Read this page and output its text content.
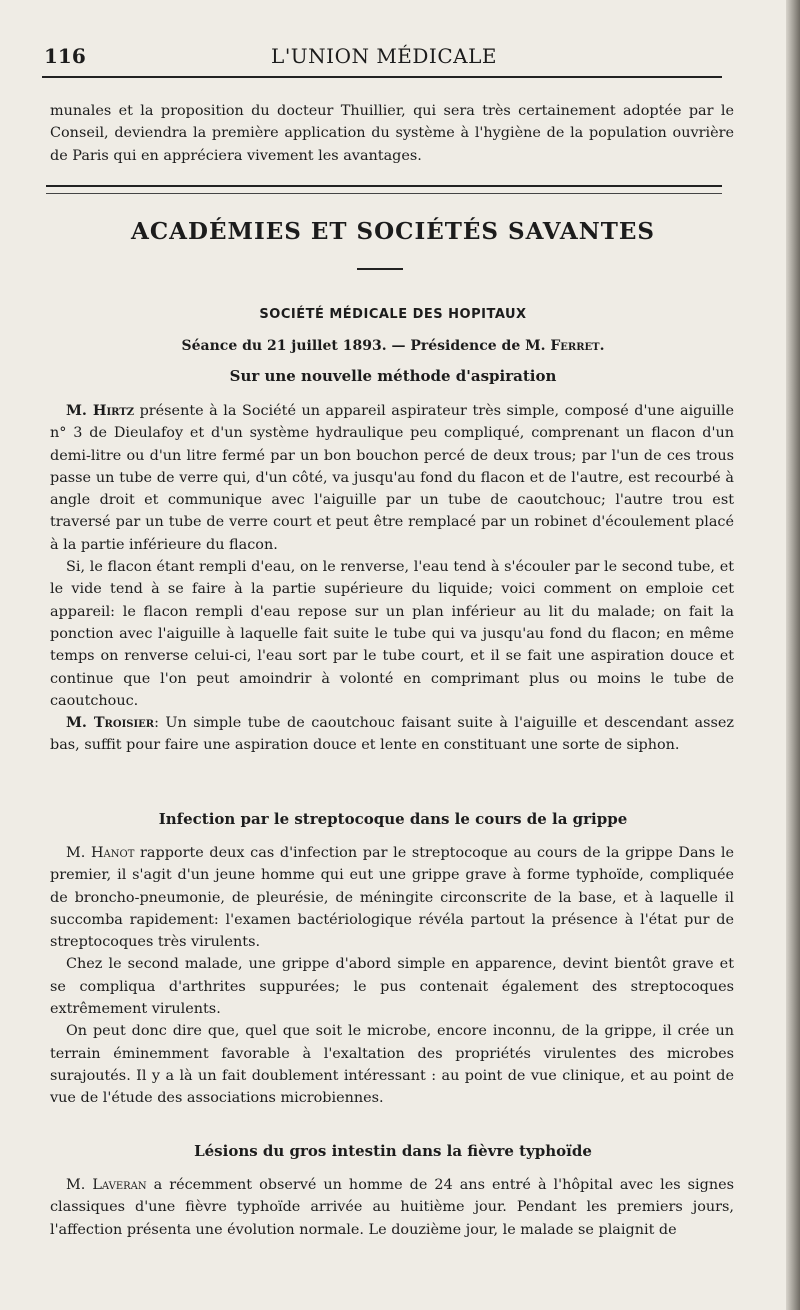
116	L'UNION MÉDICALE

munales et la proposition du docteur Thuillier, qui sera très certainement adoptée par le Conseil, deviendra la première application du système à l'hygiène de la population ouvrière de Paris qui en appréciera vivement les avantages.

ACADÉMIES ET SOCIÉTÉS SAVANTES
SOCIÉTÉ MÉDICALE DES HOPITAUX
Séance du 21 juillet 1893. — Présidence de M. Ferret.
Sur une nouvelle méthode d'aspiration

M. Hirtz présente à la Société un appareil aspirateur très simple, composé d'une aiguille n° 3 de Dieulafoy et d'un système hydraulique peu compliqué, comprenant un flacon d'un demi-litre ou d'un litre fermé par un bon bouchon percé de deux trous; par l'un de ces trous passe un tube de verre qui, d'un côté, va jusqu'au fond du flacon et de l'autre, est recourbé à angle droit et communique avec l'aiguille par un tube de caoutchouc; l'autre trou est traversé par un tube de verre court et peut être remplacé par un robinet d'écoulement placé à la partie inférieure du flacon.

Si, le flacon étant rempli d'eau, on le renverse, l'eau tend à s'écouler par le second tube, et le vide tend à se faire à la partie supérieure du liquide; voici comment on emploie cet appareil: le flacon rempli d'eau repose sur un plan inférieur au lit du malade; on fait la ponction avec l'aiguille à laquelle fait suite le tube qui va jusqu'au fond du flacon; en même temps on renverse celui-ci, l'eau sort par le tube court, et il se fait une aspiration douce et continue que l'on peut amoindrir à volonté en comprimant plus ou moins le tube de caoutchouc.

M. Troisier: Un simple tube de caoutchouc faisant suite à l'aiguille et descendant assez bas, suffit pour faire une aspiration douce et lente en constituant une sorte de siphon.

Infection par le streptocoque dans le cours de la grippe

M. Hanot rapporte deux cas d'infection par le streptocoque au cours de la grippe Dans le premier, il s'agit d'un jeune homme qui eut une grippe grave à forme typhoïde, compliquée de broncho-pneumonie, de pleurésie, de méningite circonscrite de la base, et à laquelle il succomba rapidement: l'examen bactériologique révéla partout la présence à l'état pur de streptocoques très virulents.

Chez le second malade, une grippe d'abord simple en apparence, devint bientôt grave et se compliqua d'arthrites suppurées; le pus contenait également des streptocoques extrêmement virulents.

On peut donc dire que, quel que soit le microbe, encore inconnu, de la grippe, il crée un terrain éminemment favorable à l'exaltation des propriétés virulentes des microbes surajoutés. Il y a là un fait doublement intéressant : au point de vue clinique, et au point de vue de l'étude des associations microbiennes.

Lésions du gros intestin dans la fièvre typhoïde

M. Laveran a récemment observé un homme de 24 ans entré à l'hôpital avec les signes classiques d'une fièvre typhoïde arrivée au huitième jour. Pendant les premiers jours, l'affection présenta une évolution normale. Le douzième jour, le malade se plaignit de
